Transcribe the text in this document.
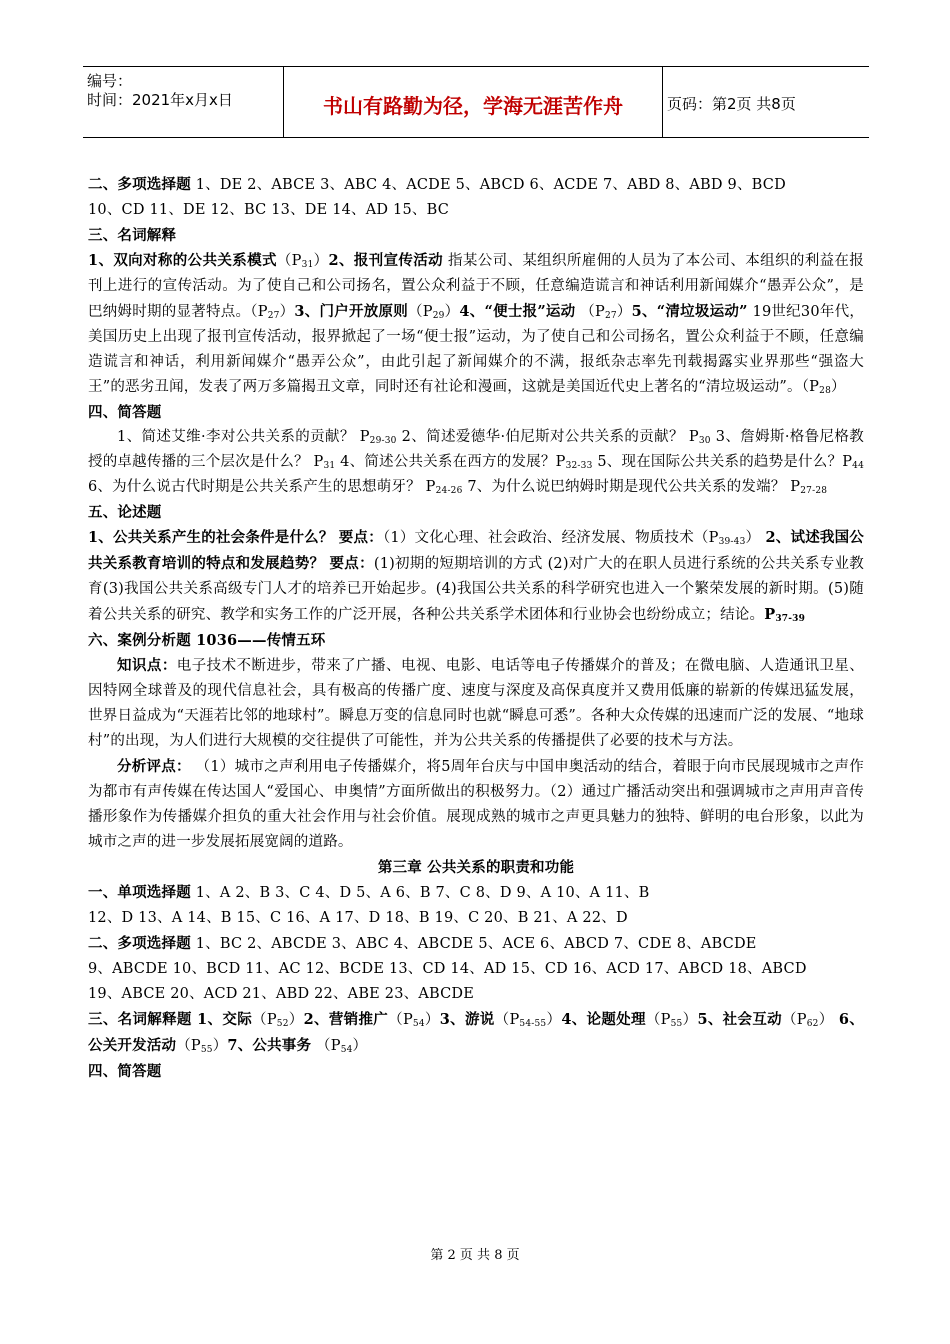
编号：
时间：2021年x月x日	书山有路勤为径，学海无涯苦作舟	页码：第2页 共8页

二、多项选择题 1、DE 2、ABCE 3、ABC 4、ACDE 5、ABCD 6、ACDE 7、ABD 8、ABD 9、BCD

10、CD 11、DE 12、BC 13、DE 14、AD 15、BC

三、名词解释

1、双向对称的公共关系模式$(P_{31})2$、报刊宣传活动 指某公司、某组织所雇佣的人员为了本公司、本组织的利益在报刊上进行的宣传活动。为了使自己和公司扬名，置公众利益于不顾，任意编造谎言和神话利用新闻媒介“愚弄公众”，是巴纳姆时期的显著特点。$(P_{27})3$、门户开放原则$(P_{29})4$、“便士报”运动 $(P_{27})5$、“清垃圾运动” 19世纪30年代，美国历史上出现了报刊宣传活动，报界掀起了一场“便士报”运动，为了使自己和公司扬名，置公众利益于不顾，任意编造谎言和神话，利用新闻媒介“愚弄公众”，由此引起了新闻媒介的不满，报纸杂志率先刊载揭露实业界那些“强盗大王”的恶劣丑闻，发表了两万多篇揭丑文章，同时还有社论和漫画，这就是美国近代史上著名的“清垃圾运动”。$(P_{28})$

四、简答题

1、简述艾维·李对公共关系的贡献？ $P_{29-30}$ 2、简述爱德华·伯尼斯对公共关系的贡献？ $P_{30}$ 3、詹姆斯·格鲁尼格教授的卓越传播的三个层次是什么？ $P_{31}$ 4、简述公共关系在西方的发展？$P_{32-33}$ 5、现在国际公共关系的趋势是什么？$P_{44}$ 6、为什么说古代时期是公共关系产生的思想萌牙？ $P_{24-26}$ 7、为什么说巴纳姆时期是现代公共关系的发端？ $P_{27-28}$

五、论述题

1、公共关系产生的社会条件是什么？ 要点：（1）文化心理、社会政治、经济发展、物质技术$(P_{39-43})$ 2、试述我国公共关系教育培训的特点和发展趋势？ 要点：(1)初期的短期培训的方式 (2)对广大的在职人员进行系统的公共关系专业教育(3)我国公共关系高级专门人才的培养已开始起步。(4)我国公共关系的科学研究也进入一个繁荣发展的新时期。(5)随着公共关系的研究、教学和实务工作的广泛开展，各种公共关系学术团体和行业协会也纷纷成立；结论。$P_{37-39}$

六、案例分析题 1036——传情五环

知识点：电子技术不断进步，带来了广播、电视、电影、电话等电子传播媒介的普及；在微电脑、人造通讯卫星、因特网全球普及的现代信息社会，具有极高的传播广度、速度与深度及高保真度并又费用低廉的崭新的传媒迅猛发展，世界日益成为“天涯若比邻的地球村”。瞬息万变的信息同时也就“瞬息可悉”。各种大众传媒的迅速而广泛的发展、“地球村”的出现，为人们进行大规模的交往提供了可能性，并为公共关系的传播提供了必要的技术与方法。

分析评点： （1）城市之声利用电子传播媒介，将5周年台庆与中国申奥活动的结合，着眼于向市民展现城市之声作为都市有声传媒在传达国人“爱国心、申奥情”方面所做出的积极努力。（2）通过广播活动突出和强调城市之声用声音传播形象作为传播媒介担负的重大社会作用与社会价值。展现成熟的城市之声更具魅力的独特、鲜明的电台形象，以此为城市之声的进一步发展拓展宽阔的道路。

第三章 公共关系的职责和功能

一、单项选择题 1、A 2、B 3、C 4、D 5、A 6、B 7、C 8、D 9、A 10、A 11、B

12、D 13、A 14、B 15、C 16、A 17、D 18、B 19、C 20、B 21、A 22、D

二、多项选择题 1、BC 2、ABCDE 3、ABC 4、ABCDE 5、ACE 6、ABCD 7、CDE 8、ABCDE

9、ABCDE 10、BCD 11、AC 12、BCDE 13、CD 14、AD 15、CD 16、ACD 17、ABCD 18、ABCD

19、ABCE 20、ACD 21、ABD 22、ABE 23、ABCDE

三、名词解释题 1、交际$(P_{52})2$、营销推广$(P_{54})3$、游说$(P_{54-55})4$、论题处理$(P_{55})5$、社会互动$(P_{62})$ 6、公关开发活动$(P_{55})7$、公共事务 $(P_{54})$

四、简答题

第 2 页 共 8 页
